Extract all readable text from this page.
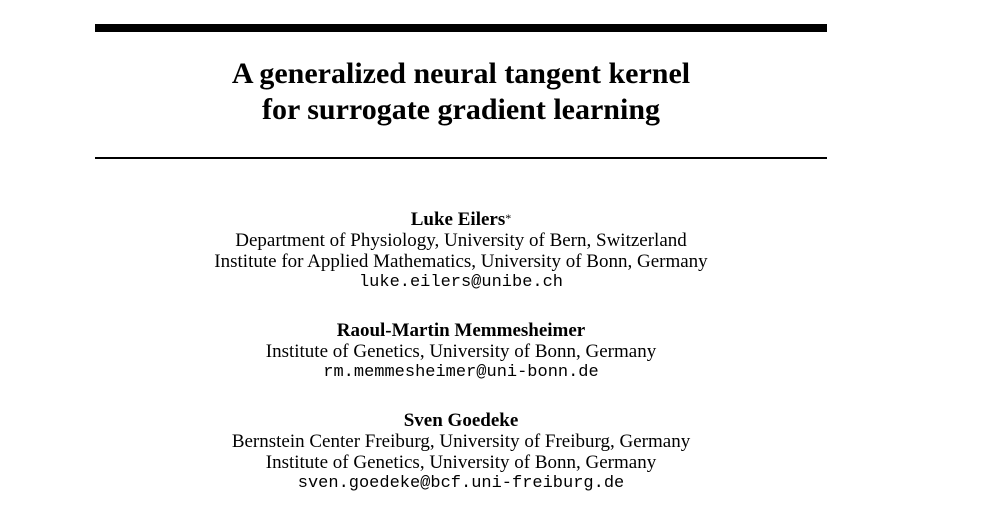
A generalized neural tangent kernel
for surrogate gradient learning
Luke Eilers*
Department of Physiology, University of Bern, Switzerland
Institute for Applied Mathematics, University of Bonn, Germany
luke.eilers@unibe.ch
Raoul-Martin Memmesheimer
Institute of Genetics, University of Bonn, Germany
rm.memmesheimer@uni-bonn.de
Sven Goedeke
Bernstein Center Freiburg, University of Freiburg, Germany
Institute of Genetics, University of Bonn, Germany
sven.goedeke@bcf.uni-freiburg.de
